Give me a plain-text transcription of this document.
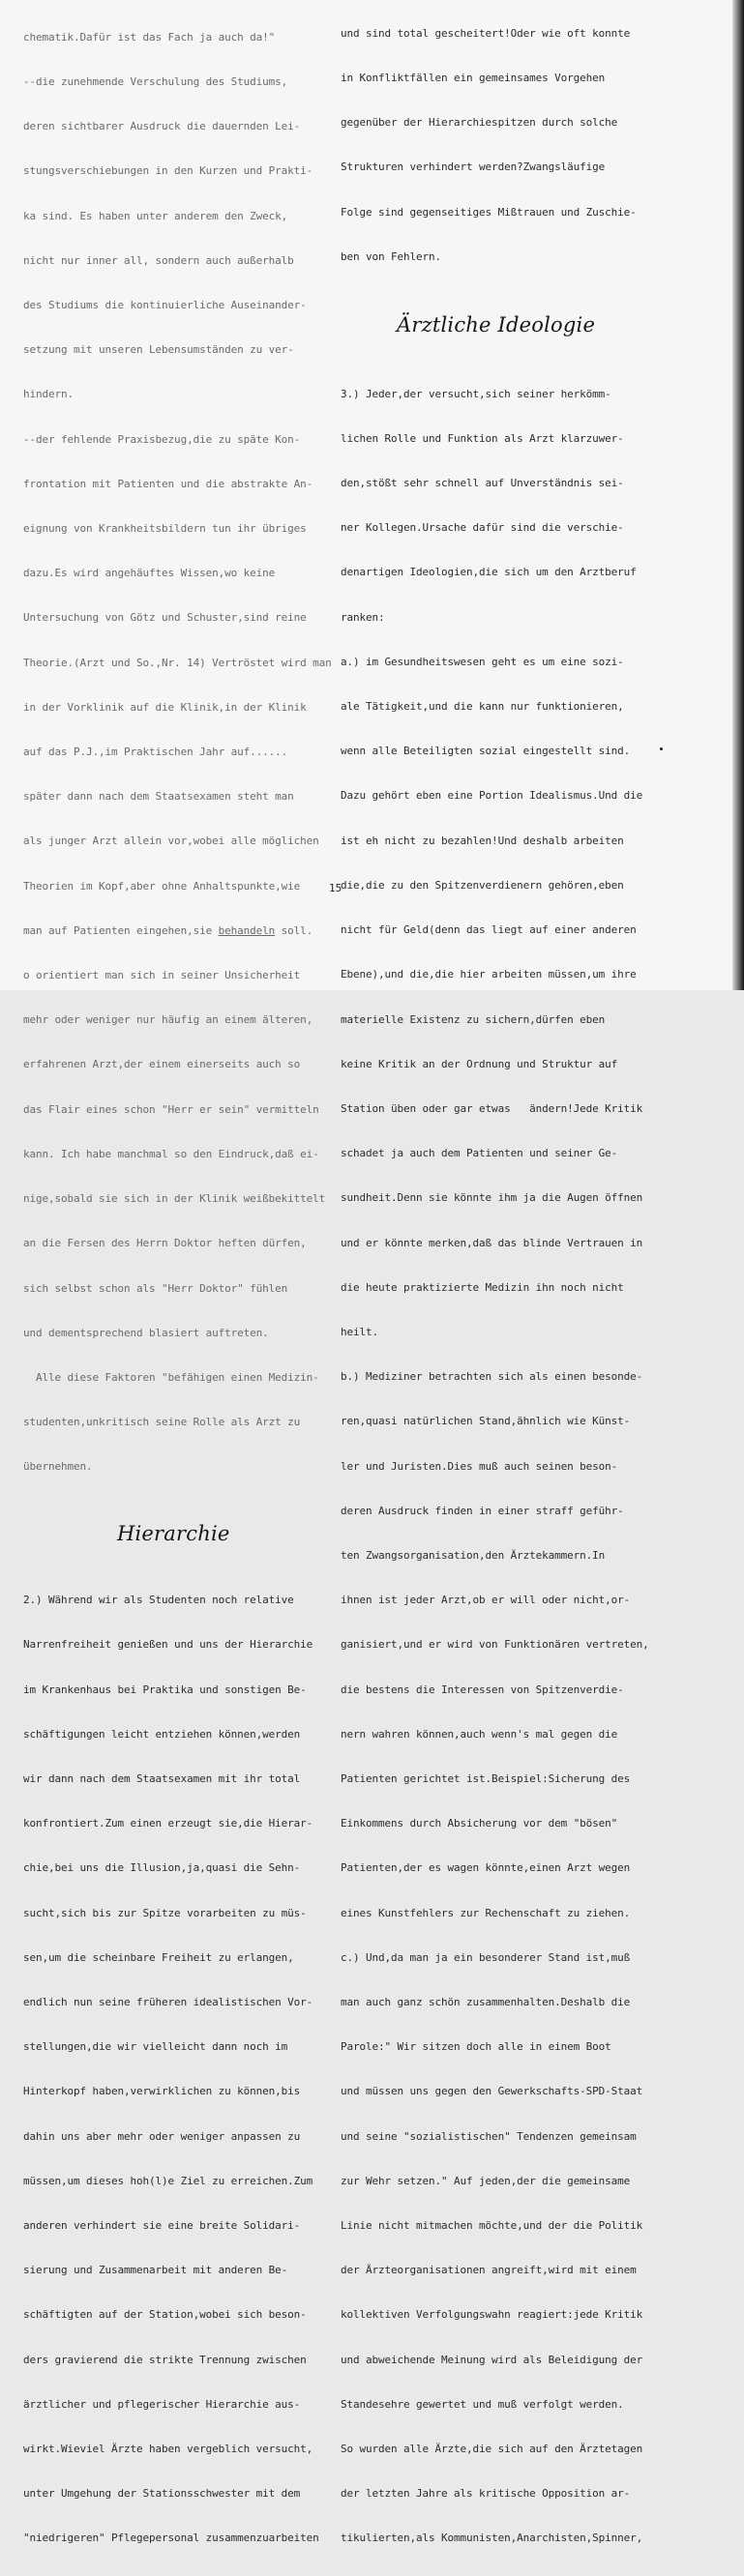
chematik.Dafür ist das Fach ja auch da!"

--die zunehmende Verschulung des Studiums,

deren sichtbarer Ausdruck die dauernden Lei-

stungsverschiebungen in den Kurzen und Prakti-

ka sind. Es haben unter anderem den Zweck,

nicht nur inner all, sondern auch außerhalb

des Studiums die kontinuierliche Auseinander-

setzung mit unseren Lebensumständen zu ver-

hindern.

--der fehlende Praxisbezug,die zu späte Kon-

frontation mit Patienten und die abstrakte An-

eignung von Krankheitsbildern tun ihr übriges

dazu.Es wird angehäuftes Wissen,wo keine

Untersuchung von Götz und Schuster,sind reine

Theorie.(Arzt und So.,Nr. 14) Vertröstet wird man

in der Vorklinik auf die Klinik,in der Klinik

auf das P.J.,im Praktischen Jahr auf......

später dann nach dem Staatsexamen steht man

als junger Arzt allein vor,wobei alle möglichen

Theorien im Kopf,aber ohne Anhaltspunkte,wie

man auf Patienten eingehen,sie behandeln soll.

o orientiert man sich in seiner Unsicherheit

mehr oder weniger nur häufig an einem älteren,

erfahrenen Arzt,der einem einerseits auch so

das Flair eines schon "Herr er sein" vermitteln

kann. Ich habe manchmal so den Eindruck,daß ei-

nige,sobald sie sich in der Klinik weißbekittelt

an die Fersen des Herrn Doktor heften dürfen,

sich selbst schon als "Herr Doktor" fühlen

und dementsprechend blasiert auftreten.

Alle diese Faktoren "befähigen einen Medizin-

studenten,unkritisch seine Rolle als Arzt zu

übernehmen.

Hierarchie

2.) Während wir als Studenten noch relative

Narrenfreiheit genießen und uns der Hierarchie

im Krankenhaus bei Praktika und sonstigen Be-

schäftigungen leicht entziehen können,werden

wir dann nach dem Staatsexamen mit ihr total

konfrontiert.Zum einen erzeugt sie,die Hierar-

chie,bei uns die Illusion,ja,quasi die Sehn-

sucht,sich bis zur Spitze vorarbeiten zu müs-

sen,um die scheinbare Freiheit zu erlangen,

endlich nun seine früheren idealistischen Vor-

stellungen,die wir vielleicht dann noch im

Hinterkopf haben,verwirklichen zu können,bis

dahin uns aber mehr oder weniger anpassen zu

müssen,um dieses hoh(l)e Ziel zu erreichen.Zum

anderen verhindert sie eine breite Solidari-

sierung und Zusammenarbeit mit anderen Be-

schäftigten auf der Station,wobei sich beson-

ders gravierend die strikte Trennung zwischen

ärztlicher und pflegerischer Hierarchie aus-

wirkt.Wieviel Ärzte haben vergeblich versucht,

unter Umgehung der Stationsschwester mit dem

"niedrigeren" Pflegepersonal zusammenzuarbeiten

und sind total gescheitert!Oder wie oft konnte

in Konfliktfällen ein gemeinsames Vorgehen

gegenüber der Hierarchiespitzen durch solche

Strukturen verhindert werden?Zwangsläufige

Folge sind gegenseitiges Mißtrauen und Zuschie-

ben von Fehlern.

Ärztliche Ideologie

3.) Jeder,der versucht,sich seiner herkömm-

lichen Rolle und Funktion als Arzt klarzuwer-

den,stößt sehr schnell auf Unverständnis sei-

ner Kollegen.Ursache dafür sind die verschie-

denartigen Ideologien,die sich um den Arztberuf

ranken:

a.) im Gesundheitswesen geht es um eine sozi-

ale Tätigkeit,und die kann nur funktionieren,

wenn alle Beteiligten sozial eingestellt sind.

Dazu gehört eben eine Portion Idealismus.Und die

ist eh nicht zu bezahlen!Und deshalb arbeiten

die,die zu den Spitzenverdienern gehören,eben

nicht für Geld(denn das liegt auf einer anderen

Ebene),und die,die hier arbeiten müssen,um ihre

materielle Existenz zu sichern,dürfen eben

keine Kritik an der Ordnung und Struktur auf

Station üben oder gar etwas   ändern!Jede Kritik

schadet ja auch dem Patienten und seiner Ge-

sundheit.Denn sie könnte ihm ja die Augen öffnen

und er könnte merken,daß das blinde Vertrauen in

die heute praktizierte Medizin ihn noch nicht

heilt.

b.) Mediziner betrachten sich als einen besonde-

ren,quasi natürlichen Stand,ähnlich wie Künst-

ler und Juristen.Dies muß auch seinen beson-

deren Ausdruck finden in einer straff geführ-

ten Zwangsorganisation,den Ärztekammern.In

ihnen ist jeder Arzt,ob er will oder nicht,or-

ganisiert,und er wird von Funktionären vertreten,

die bestens die Interessen von Spitzenverdie-

nern wahren können,auch wenn's mal gegen die

Patienten gerichtet ist.Beispiel:Sicherung des

Einkommens durch Absicherung vor dem "bösen"

Patienten,der es wagen könnte,einen Arzt wegen

eines Kunstfehlers zur Rechenschaft zu ziehen.

c.) Und,da man ja ein besonderer Stand ist,muß

man auch ganz schön zusammenhalten.Deshalb die

Parole:" Wir sitzen doch alle in einem Boot

und müssen uns gegen den Gewerkschafts-SPD-Staat

und seine "sozialistischen" Tendenzen gemeinsam

zur Wehr setzen." Auf jeden,der die gemeinsame

Linie nicht mitmachen möchte,und der die Politik

der Ärzteorganisationen angreift,wird mit einem

kollektiven Verfolgungswahn reagiert:jede Kritik

und abweichende Meinung wird als Beleidigung der

Standesehre gewertet und muß verfolgt werden.

So wurden alle Ärzte,die sich auf den Ärztetagen

der letzten Jahre als kritische Opposition ar-

tikulierten,als Kommunisten,Anarchisten,Spinner,

15
